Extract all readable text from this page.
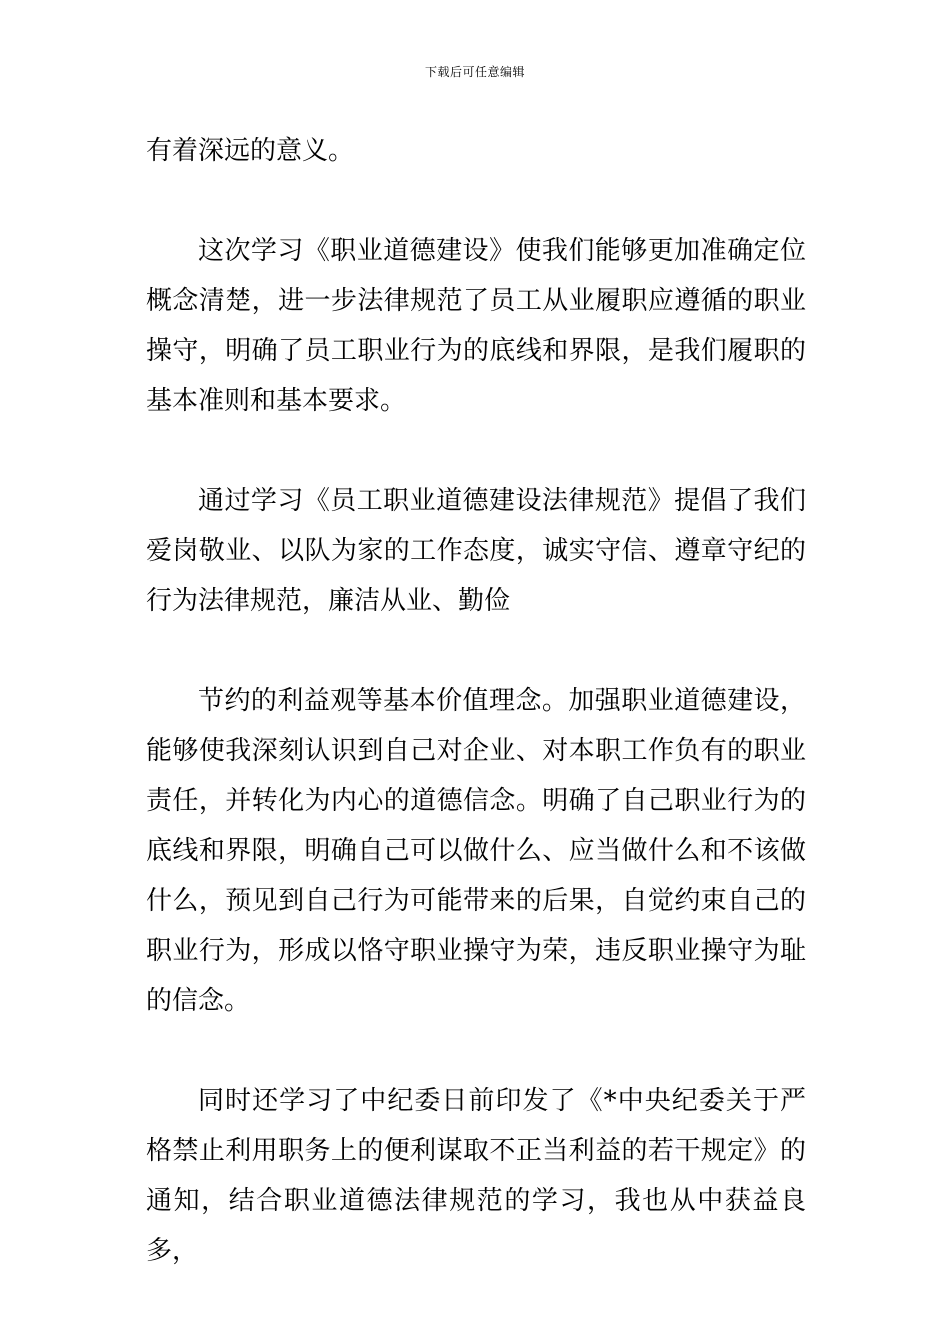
下载后可任意编辑

有着深远的意义。

这次学习《职业道德建设》使我们能够更加准确定位概念清楚，进一步法律规范了员工从业履职应遵循的职业操守，明确了员工职业行为的底线和界限，是我们履职的基本准则和基本要求。

通过学习《员工职业道德建设法律规范》提倡了我们爱岗敬业、以队为家的工作态度，诚实守信、遵章守纪的行为法律规范，廉洁从业、勤俭

节约的利益观等基本价值理念。加强职业道德建设，能够使我深刻认识到自己对企业、对本职工作负有的职业责任，并转化为内心的道德信念。明确了自己职业行为的底线和界限，明确自己可以做什么、应当做什么和不该做什么，预见到自己行为可能带来的后果，自觉约束自己的职业行为，形成以恪守职业操守为荣，违反职业操守为耻的信念。

同时还学习了中纪委日前印发了《*中央纪委关于严格禁止利用职务上的便利谋取不正当利益的若干规定》的通知，结合职业道德法律规范的学习，我也从中获益良多，
